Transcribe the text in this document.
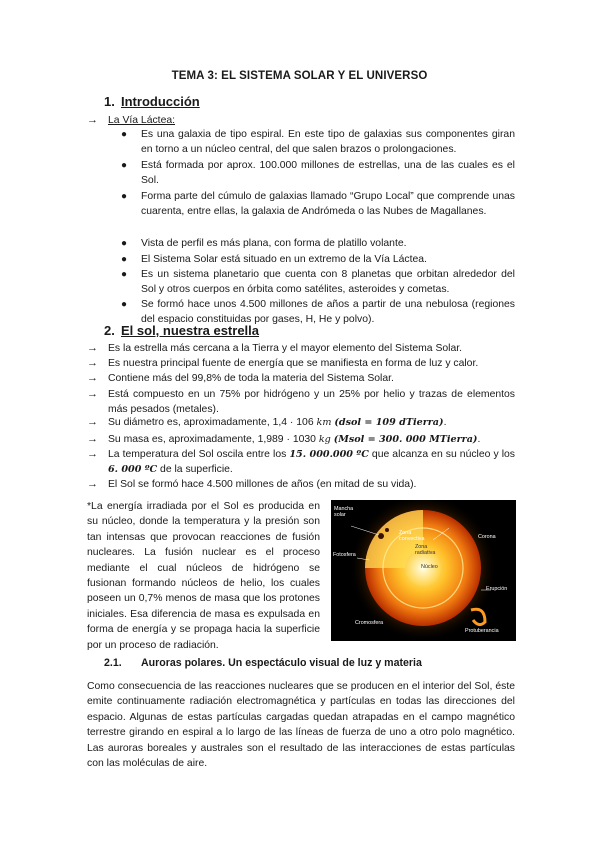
TEMA 3: EL SISTEMA SOLAR Y EL UNIVERSO
1. Introducción
→ La Vía Láctea:
● Es una galaxia de tipo espiral. En este tipo de galaxias sus componentes giran en torno a un núcleo central, del que salen brazos o prolongaciones.
● Está formada por aprox. 100.000 millones de estrellas, una de las cuales es el Sol.
● Forma parte del cúmulo de galaxias llamado “Grupo Local” que comprende unas cuarenta, entre ellas, la galaxia de Andrómeda o las Nubes de Magallanes.
● Vista de perfil es más plana, con forma de platillo volante.
● El Sistema Solar está situado en un extremo de la Vía Láctea.
● Es un sistema planetario que cuenta con 8 planetas que orbitan alrededor del Sol y otros cuerpos en órbita como satélites, asteroides y cometas.
● Se formó hace unos 4.500 millones de años a partir de una nebulosa (regiones del espacio constituidas por gases, H, He y polvo).
2. El sol, nuestra estrella
→ Es la estrella más cercana a la Tierra y el mayor elemento del Sistema Solar.
→ Es nuestra principal fuente de energía que se manifiesta en forma de luz y calor.
→ Contiene más del 99,8% de toda la materia del Sistema Solar.
→ Está compuesto en un 75% por hidrógeno y un 25% por helio y trazas de elementos más pesados (metales).
→ Su diámetro es, aproximadamente, 1,4 · 106 km (dsol = 109 dTierra).
→ Su masa es, aproximadamente, 1,989 · 1030 kg (Msol = 300. 000 MTierra).
→ La temperatura del Sol oscila entre los 15. 000.000 ºC que alcanza en su núcleo y los 6. 000 ºC de la superficie.
→ El Sol se formó hace 4.500 millones de años (en mitad de su vida).
*La energía irradiada por el Sol es producida en su núcleo, donde la temperatura y la presión son tan intensas que provocan reacciones de fusión nucleares. La fusión nuclear es el proceso mediante el cual núcleos de hidrógeno se fusionan formando núcleos de helio, los cuales poseen un 0,7% menos de masa que los protones iniciales. Esa diferencia de masa es expulsada en forma de energía y se propaga hacia la superficie por un proceso de radiación.
Mancha solar
Fotosfera
Zona convectiva
Zona radiativa
Núcleo
Corona
Cromosfera
Erupción
Protuberancia
2.1. Auroras polares. Un espectáculo visual de luz y materia
Como consecuencia de las reacciones nucleares que se producen en el interior del Sol, éste emite continuamente radiación electromagnética y partículas en todas las direcciones del espacio. Algunas de estas partículas cargadas quedan atrapadas en el campo magnético terrestre girando en espiral a lo largo de las líneas de fuerza de uno a otro polo magnético. Las auroras boreales y australes son el resultado de las interacciones de estas partículas con las moléculas de aire.
